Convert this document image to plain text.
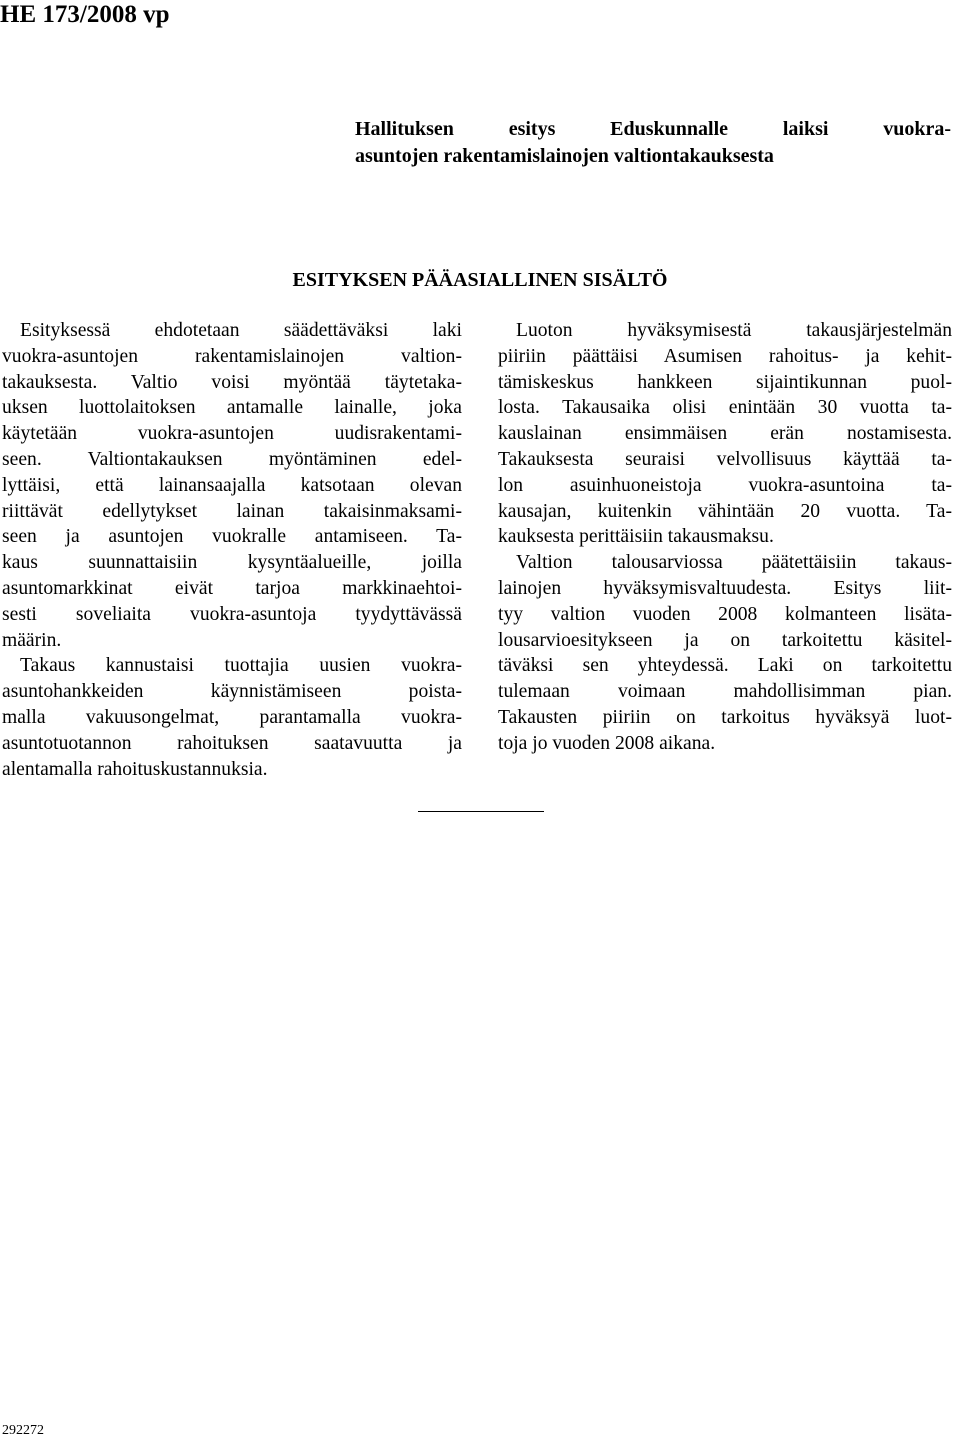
HE 173/2008 vp
Hallituksen esitys Eduskunnalle laiksi vuokra-
asuntojen rakentamislainojen valtiontakauksesta
ESITYKSEN PÄÄASIALLINEN SISÄLTÖ
Esityksessä ehdotetaan säädettäväksi laki
vuokra-asuntojen rakentamislainojen valtion-
takauksesta. Valtio voisi myöntää täytetaka-
uksen luottolaitoksen antamalle lainalle, joka
käytetään vuokra-asuntojen uudisrakentami-
seen. Valtiontakauksen myöntäminen edel-
lyttäisi, että lainansaajalla katsotaan olevan
riittävät edellytykset lainan takaisinmaksami-
seen ja asuntojen vuokralle antamiseen. Ta-
kaus suunnattaisiin kysyntäalueille, joilla
asuntomarkkinat eivät tarjoa markkinaehtoi-
sesti soveliaita vuokra-asuntoja tyydyttävässä
määrin.
Takaus kannustaisi tuottajia uusien vuokra-
asuntohankkeiden käynnistämiseen poista-
malla vakuusongelmat, parantamalla vuokra-
asuntotuotannon rahoituksen saatavuutta ja
alentamalla rahoituskustannuksia.
Luoton hyväksymisestä takausjärjestelmän
piiriin päättäisi Asumisen rahoitus- ja kehit-
tämiskeskus hankkeen sijaintikunnan puol-
losta. Takausaika olisi enintään 30 vuotta ta-
kauslainan ensimmäisen erän nostamisesta.
Takauksesta seuraisi velvollisuus käyttää ta-
lon asuinhuoneistoja vuokra-asuntoina ta-
kausajan, kuitenkin vähintään 20 vuotta. Ta-
kauksesta perittäisiin takausmaksu.
Valtion talousarviossa päätettäisiin takaus-
lainojen hyväksymisvaltuudesta. Esitys liit-
tyy valtion vuoden 2008 kolmanteen lisäta-
lousarvioesitykseen ja on tarkoitettu käsitel-
täväksi sen yhteydessä. Laki on tarkoitettu
tulemaan voimaan mahdollisimman pian.
Takausten piiriin on tarkoitus hyväksyä luot-
toja jo vuoden 2008 aikana.
292272
